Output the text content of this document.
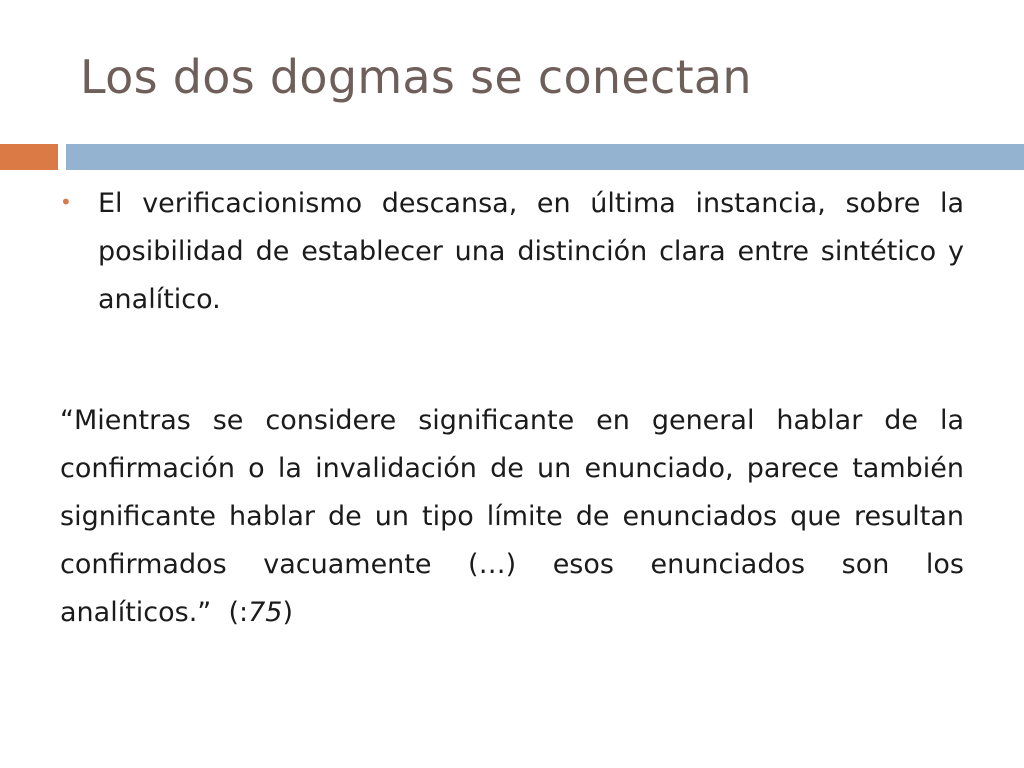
Los dos dogmas se conectan
• El verificacionismo descansa, en última instancia, sobre la posibilidad de establecer una distinción clara entre sintético y analítico.
“Mientras se considere significante en general hablar de la confirmación o la invalidación de un enunciado, parece también significante hablar de un tipo límite de enunciados que resultan confirmados vacuamente (…) esos enunciados son los analíticos.” (:75)
